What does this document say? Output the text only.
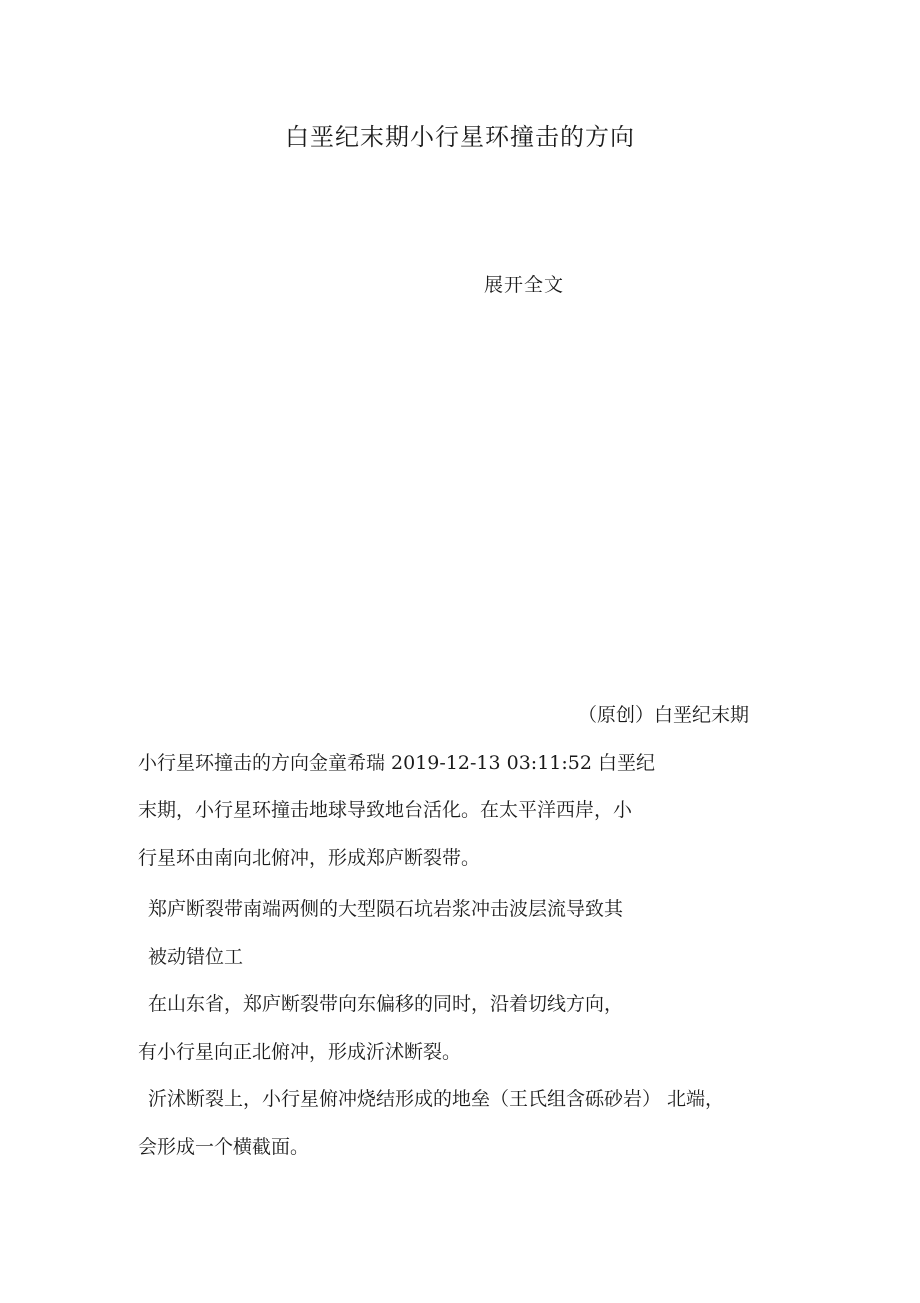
白垩纪末期小行星环撞击的方向
展开全文
（原创）白垩纪末期
小行星环撞击的方向金童希瑞 2019-12-13 03:11:52 白垩纪
末期，小行星环撞击地球导致地台活化。在太平洋西岸，小
行星环由南向北俯冲，形成郑庐断裂带。
郑庐断裂带南端两侧的大型陨石坑岩浆冲击波层流导致其
被动错位工
在山东省，郑庐断裂带向东偏移的同时，沿着切线方向，
有小行星向正北俯冲，形成沂沭断裂。
沂沭断裂上，小行星俯冲烧结形成的地垒（王氏组含砾砂岩） 北端，
会形成一个横截面。
